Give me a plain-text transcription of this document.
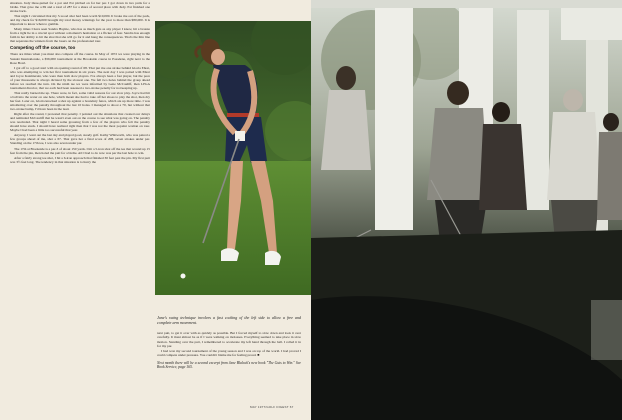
situation. Judy three-putted for a par and Pat pitched on for her par. I got down in two putts for a birdie. That gave me a 69 and a total of 287 for a share of second place with Judy. Pat finished one stroke back.

That night I calculated that my 3-wood shot had been worth $10,000. It broke me out of the pack, and my check for $16,000 brought my total money winnings for the year to more than $80,000. It is important to know when to gamble.

Many times I have seen Sandra Haynie, who has as much guts as any player I know, hit a brassie from a tight lie in a crucial spot without a moment's hesitation or a flicker of fear. Sandra has enough faith in her ability to hit the shot that she will go for it and hang the consequences. That's the thin line that separates the winners from the losers on the professional tour.

Competing off the course, too

There are times when you must also compete off the course. In May of 1972 we were playing in the Suzuki Internationale, a $56,000 tournament at the Brookside course in Pasadena, right next to the Rose Bowl.

I got off to a good start with an opening round of 68. That put me one stroke behind Gloria Ehret, who was attempting to win her first tournament in six years. The next day I was paired with Ehret and Joyce Kazmierski, who were then both slow players. I've always been a fast player, but the pace of your threesome is always dictated by the slowest one. We fell two holes behind the group ahead before we reached the turn. On the ninth tee we were informed by Gene McCauliff, then LPGA tournament director, that we each had been assessed a two-stroke penalty for not keeping up.

That really burned me up. There were, in fact, some valid reasons for our slow play. Joyce had hit a ball into the water on one hole, which meant she had to take off her shoes to play the shot, then dry her feet. Later on, Gloria knocked a shot up against a boundary fence, which ate up more time. I was smoldering over the penalty throughout the last 10 holes. I managed to shoot a 70, but without that two-stroke bump, I'd have been in the lead.

Right after the round, I protested that penalty. I pointed out the situations that created our delays and reminded McCauliff that he wasn't even out on the course to see what was going on. The penalty was rescinded. That night I heard some grousing from a few of the players who felt the penalty should have stuck. I should have realized right then that I was not the most popular woman on tour. Maybe I had been a little too successful that year.

Anyway, I went out the last day and played good, steady golf. Kathy Whitworth, who was paired a few groups ahead of me, shot a 67. That gave her a final score of 208, seven strokes under par. Standing on the 17th tee, I was also seven under par.

The 17th at Brookside is a par-3 of about 150 yards. I hit a 5-iron shot off the tee that wound up 15 feet from the pin, then holed the putt for a birdie. All I had to do now was par the last hole to win.

After a fairly strong tee shot, I hit a 6-iron approach that finished 30 feet past the pin. My first putt was 3½ feet long. The tendency in that situation is to hurry the

Jane's swing technique involves a fast cocking of the left side to allow a free and complete arm movement.

next putt, to get it over with as quickly as possible. But I forced myself to slow down and look it over carefully. It must almost be as if I were walking on molasses. Everything seemed to take place in slow motion. Standing over the putt, I remembered to accelerate my left hand through the ball. I rolled it in for my par.

I had won my second tournament of the young season and I was on top of the world. I had proved I could compete under pressure. You couldn't blame me for feeling proud. ■

Next month there will be a second excerpt from Jane Blalock's new book "The Guts to Win." See Book Service, page 165.
MAY 1977/GOLF DIGEST 67
